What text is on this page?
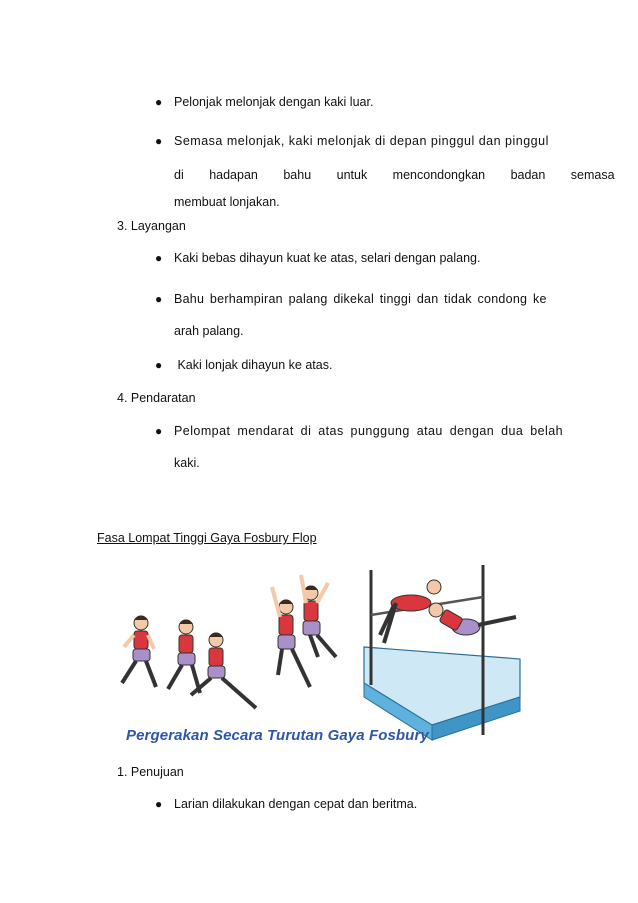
● Pelonjak melonjak dengan kaki luar.
● Semasa melonjak, kaki melonjak di depan pinggul dan pinggul
di hadapan bahu untuk mencondongkan badan semasa
membuat lonjakan.
3. Layangan
● Kaki bebas dihayun kuat ke atas, selari dengan palang.
● Bahu berhampiran palang dikekal tinggi dan tidak condong ke
arah palang.
● Kaki lonjak dihayun ke atas.
4. Pendaratan
● Pelompat mendarat di atas punggung atau dengan dua belah
kaki.
Fasa Lompat Tinggi Gaya Fosbury Flop
Pergerakan Secara Turutan Gaya Fosbury
1. Penujuan
● Larian dilakukan dengan cepat dan beritma.
